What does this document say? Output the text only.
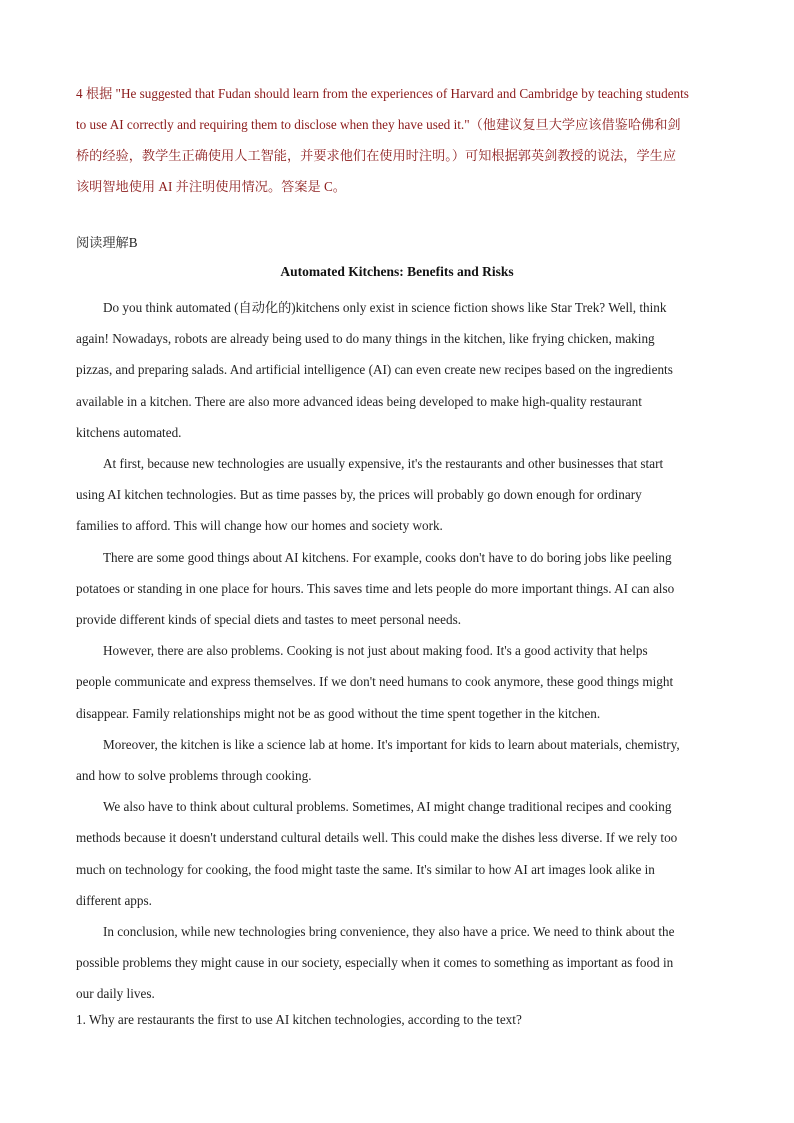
4 根据 "He suggested that Fudan should learn from the experiences of Harvard and Cambridge by teaching students

to use AI correctly and requiring them to disclose when they have used it."（他建议复旦大学应该借鉴哈佛和剑

桥的经验，教学生正确使用人工智能，并要求他们在使用时注明。）可知根据郭英剑教授的说法，学生应

该明智地使用 AI 并注明使用情况。答案是 C。

阅读理解B
Automated Kitchens: Benefits and Risks

Do you think automated (自动化的)kitchens only exist in science fiction shows like Star Trek? Well, think
again! Nowadays, robots are already being used to do many things in the kitchen, like frying chicken, making
pizzas, and preparing salads. And artificial intelligence (AI) can even create new recipes based on the ingredients
available in a kitchen. There are also more advanced ideas being developed to make high-quality restaurant
kitchens automated.

At first, because new technologies are usually expensive, it's the restaurants and other businesses that start
using AI kitchen technologies. But as time passes by, the prices will probably go down enough for ordinary
families to afford. This will change how our homes and society work.

There are some good things about AI kitchens. For example, cooks don't have to do boring jobs like peeling
potatoes or standing in one place for hours. This saves time and lets people do more important things. AI can also
provide different kinds of special diets and tastes to meet personal needs.

However, there are also problems. Cooking is not just about making food. It's a good activity that helps
people communicate and express themselves. If we don't need humans to cook anymore, these good things might
disappear. Family relationships might not be as good without the time spent together in the kitchen.

Moreover, the kitchen is like a science lab at home. It's important for kids to learn about materials, chemistry,
and how to solve problems through cooking.

We also have to think about cultural problems. Sometimes, AI might change traditional recipes and cooking
methods because it doesn't understand cultural details well. This could make the dishes less diverse. If we rely too
much on technology for cooking, the food might taste the same. It's similar to how AI art images look alike in
different apps.

In conclusion, while new technologies bring convenience, they also have a price. We need to think about the
possible problems they might cause in our society, especially when it comes to something as important as food in
our daily lives.

1. Why are restaurants the first to use AI kitchen technologies, according to the text?
